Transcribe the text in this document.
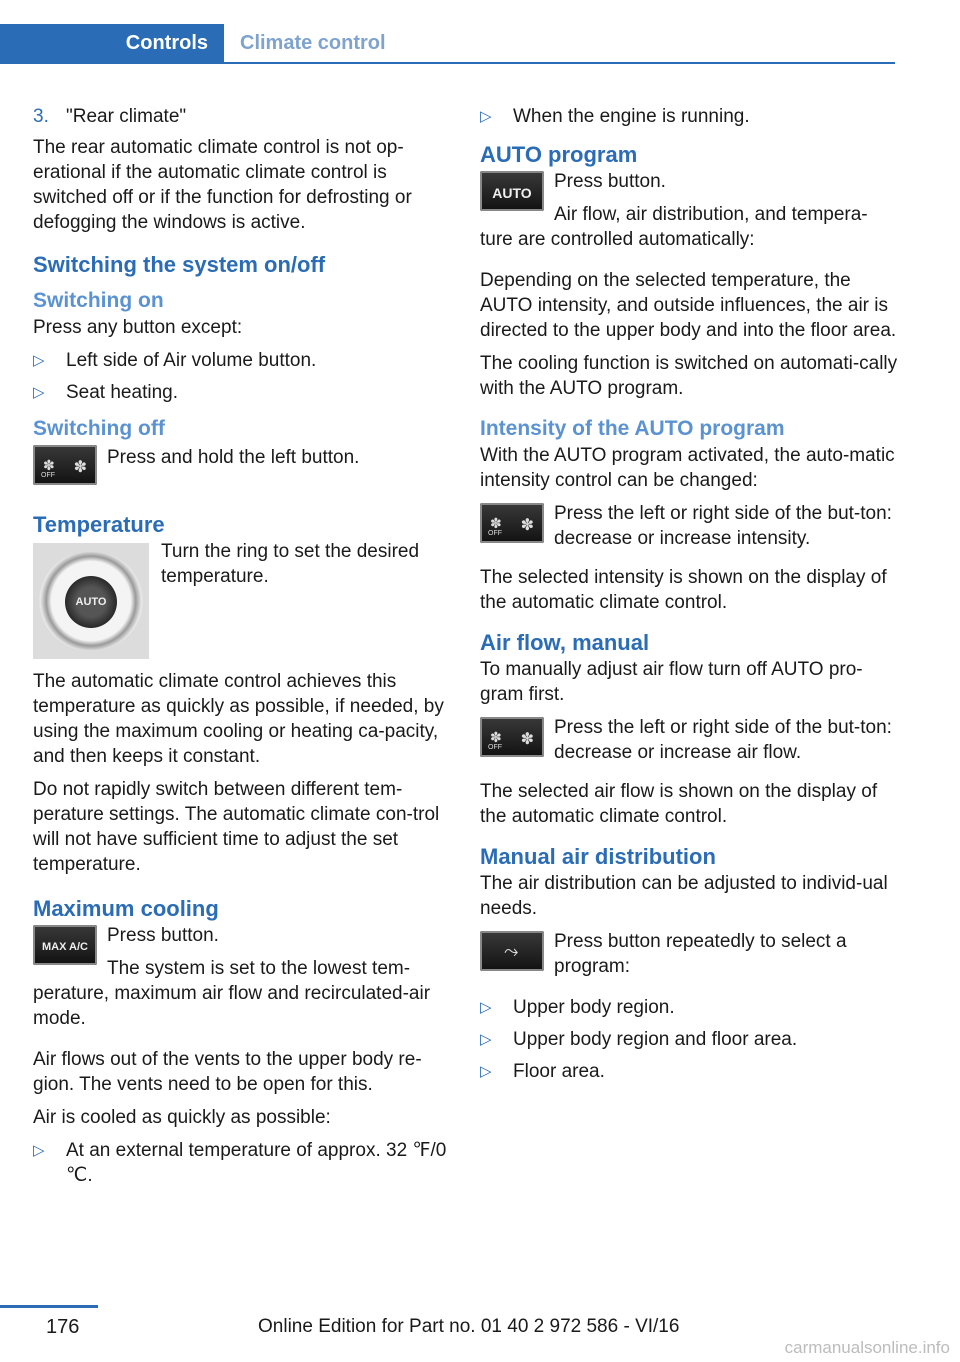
Controls	Climate control
3. "Rear climate"

The rear automatic climate control is not op‐erational if the automatic climate control is switched off or if the function for defrosting or defogging the windows is active.

Switching the system on/off
Switching on

Press any button except:

▷	Left side of Air volume button.
▷	Seat heating.
Switching off
✽
OFF ✽	Press and hold the left button.

Temperature
AUTO

Turn the ring to set the desired temperature.

The automatic climate control achieves this temperature as quickly as possible, if needed, by using the maximum cooling or heating ca‐pacity, and then keeps it constant.

Do not rapidly switch between different tem‐perature settings. The automatic climate con‐trol will not have sufficient time to adjust the set temperature.

Maximum cooling
MAX A/C

Press button.

The system is set to the lowest tem‐perature, maximum air flow and recirculated-air mode.

Air flows out of the vents to the upper body re‐gion. The vents need to be open for this.

Air is cooled as quickly as possible:

▷	At an external temperature of approx. 32 ℉/0 ℃.
▷	When the engine is running.
AUTO program
AUTO

Press button.

Air flow, air distribution, and tempera‐ture are controlled automatically:

Depending on the selected temperature, the AUTO intensity, and outside influences, the air is directed to the upper body and into the floor area.

The cooling function is switched on automati‐cally with the AUTO program.

Intensity of the AUTO program

With the AUTO program activated, the auto‐matic intensity control can be changed:

✽
OFF ✽

Press the left or right side of the but‐ton: decrease or increase intensity.

The selected intensity is shown on the display of the automatic climate control.

Air flow, manual

To manually adjust air flow turn off AUTO pro‐gram first.

✽
OFF ✽

Press the left or right side of the but‐ton: decrease or increase air flow.

The selected air flow is shown on the display of the automatic climate control.

Manual air distribution

The air distribution can be adjusted to individ‐ual needs.

⤳	Press button repeatedly to select a program:

▷	Upper body region.
▷	Upper body region and floor area.
▷	Floor area.
176	Online Edition for Part no. 01 40 2 972 586 - VI/16
carmanualsonline.info
